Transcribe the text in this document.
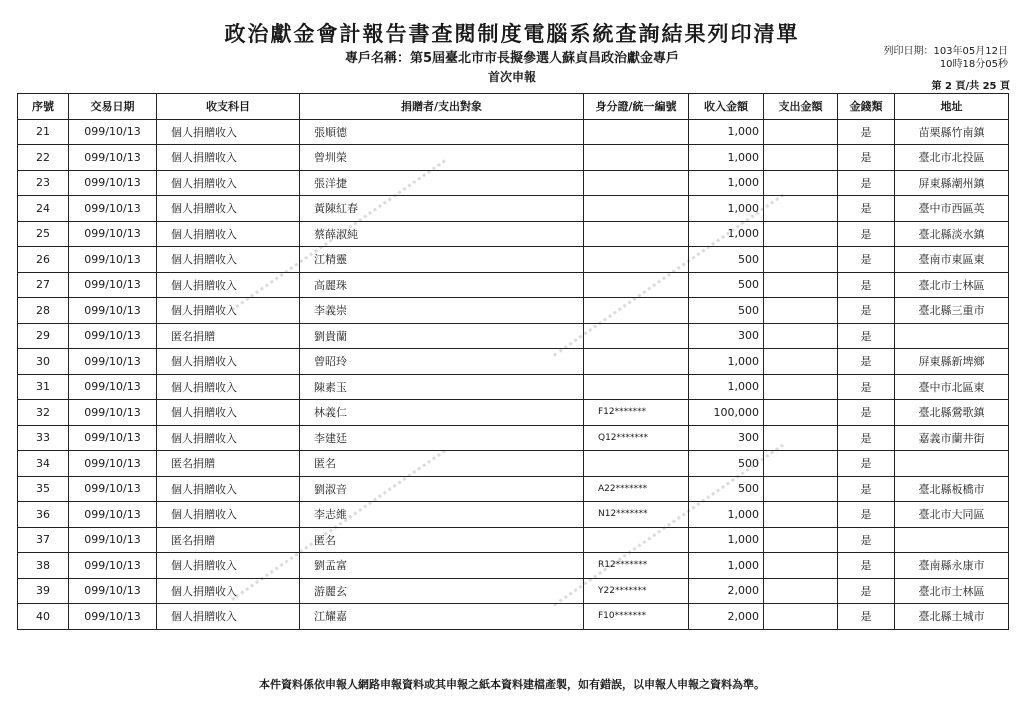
政治獻金會計報告書查閱制度電腦系統查詢結果列印清單
專戶名稱：第5屆臺北市市長擬參選人蘇貞昌政治獻金專戶
首次申報
列印日期：103年05月12日
10時18分05秒
第 2 頁/共 25 頁
序號	交易日期	收支科目	捐贈者/支出對象	身分證/統一編號	收入金額	支出金額	金錢類	地址
21	099/10/13	個人捐贈收入	張順德		1,000		是	苗栗縣竹南鎮
22	099/10/13	個人捐贈收入	曾圳榮		1,000		是	臺北市北投區
23	099/10/13	個人捐贈收入	張洋捷		1,000		是	屏東縣潮州鎮
24	099/10/13	個人捐贈收入	黃陳紅春		1,000		是	臺中市西區英
25	099/10/13	個人捐贈收入	蔡薛淑純		1,000		是	臺北縣淡水鎮
26	099/10/13	個人捐贈收入	江精靈		500		是	臺南市東區東
27	099/10/13	個人捐贈收入	高麗珠		500		是	臺北市士林區
28	099/10/13	個人捐贈收入	李義崇		500		是	臺北縣三重市
29	099/10/13	匿名捐贈	劉貴蘭		300		是	
30	099/10/13	個人捐贈收入	曾昭玲		1,000		是	屏東縣新埤鄉
31	099/10/13	個人捐贈收入	陳素玉		1,000		是	臺中市北區東
32	099/10/13	個人捐贈收入	林義仁	F12*******	100,000		是	臺北縣鶯歌鎮
33	099/10/13	個人捐贈收入	李建廷	Q12*******	300		是	嘉義市蘭井街
34	099/10/13	匿名捐贈	匿名		500		是	
35	099/10/13	個人捐贈收入	劉淑音	A22*******	500		是	臺北縣板橋市
36	099/10/13	個人捐贈收入	李志維	N12*******	1,000		是	臺北市大同區
37	099/10/13	匿名捐贈	匿名		1,000		是	
38	099/10/13	個人捐贈收入	劉孟富	R12*******	1,000		是	臺南縣永康市
39	099/10/13	個人捐贈收入	游麗玄	Y22*******	2,000		是	臺北市士林區
40	099/10/13	個人捐贈收入	江耀嘉	F10*******	2,000		是	臺北縣土城市
本件資料係依申報人網路申報資料或其申報之紙本資料建檔產製，如有錯誤，以申報人申報之資料為準。
